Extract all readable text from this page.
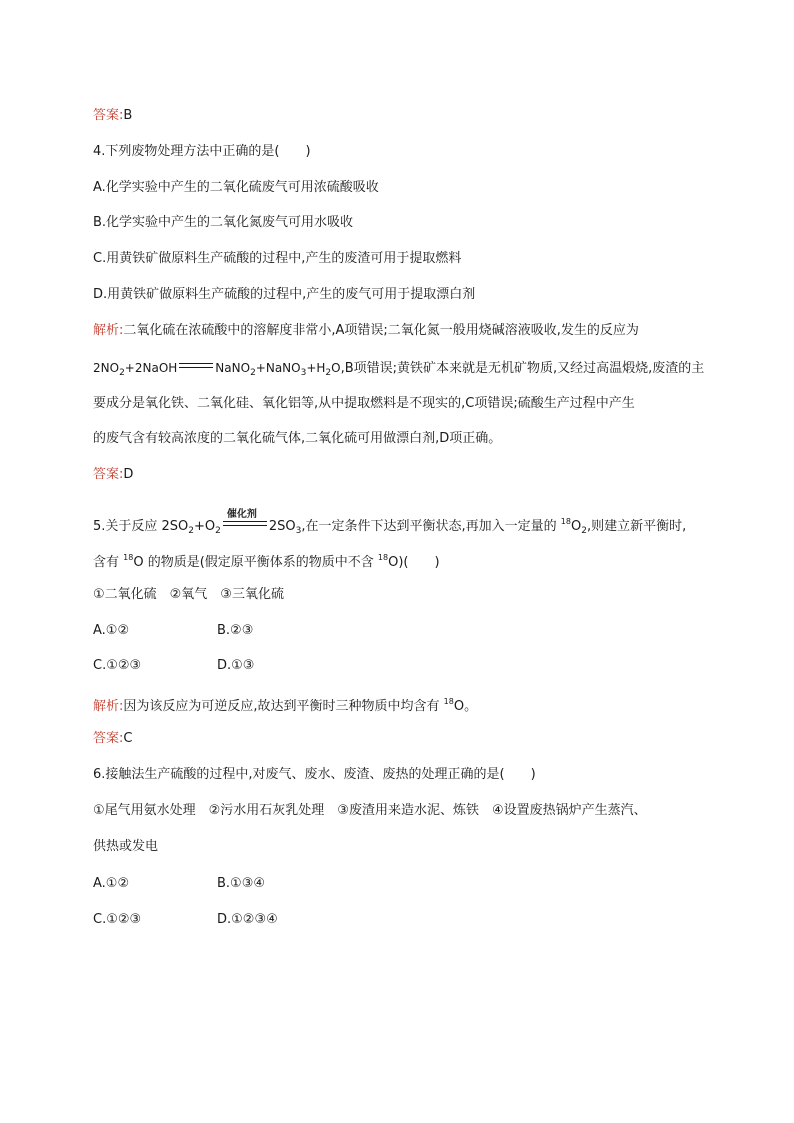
答案:B
4.下列废物处理方法中正确的是(　　)
A.化学实验中产生的二氧化硫废气可用浓硫酸吸收
B.化学实验中产生的二氧化氮废气可用水吸收
C.用黄铁矿做原料生产硫酸的过程中,产生的废渣可用于提取燃料
D.用黄铁矿做原料生产硫酸的过程中,产生的废气可用于提取漂白剂
解析:二氧化硫在浓硫酸中的溶解度非常小,A项错误;二氧化氮一般用烧碱溶液吸收,发生的反应为
$2NO_2+2NaOH$	$NaNO_2+NaNO_3+H_2O,B$项错误;黄铁矿本来就是无机矿物质,又经过高温煅烧,废渣的主
要成分是氧化铁、二氧化硅、氧化铝等,从中提取燃料是不现实的,C项错误;硫酸生产过程中产生
的废气含有较高浓度的二氧化硫气体,二氧化硫可用做漂白剂,D项正确。
答案:D
5.关于反应 $2SO_2+O_2$
催化剂
$2SO_3$,在一定条件下达到平衡状态,再加入一定量的 $^{18}O_2$,则建立新平衡时,
含有 $^{18}$O 的物质是(假定原平衡体系的物质中不含 $^{18}$O)(　　)
①二氧化硫　②氧气　③三氧化硫
A.①②	B.②③
C.①②③	D.①③
解析:因为该反应为可逆反应,故达到平衡时三种物质中均含有 $^{18}$O。
答案:C
6.接触法生产硫酸的过程中,对废气、废水、废渣、废热的处理正确的是(　　)
①尾气用氨水处理　②污水用石灰乳处理　③废渣用来造水泥、炼铁　④设置废热锅炉产生蒸汽、
供热或发电
A.①②	B.①③④
C.①②③	D.①②③④
